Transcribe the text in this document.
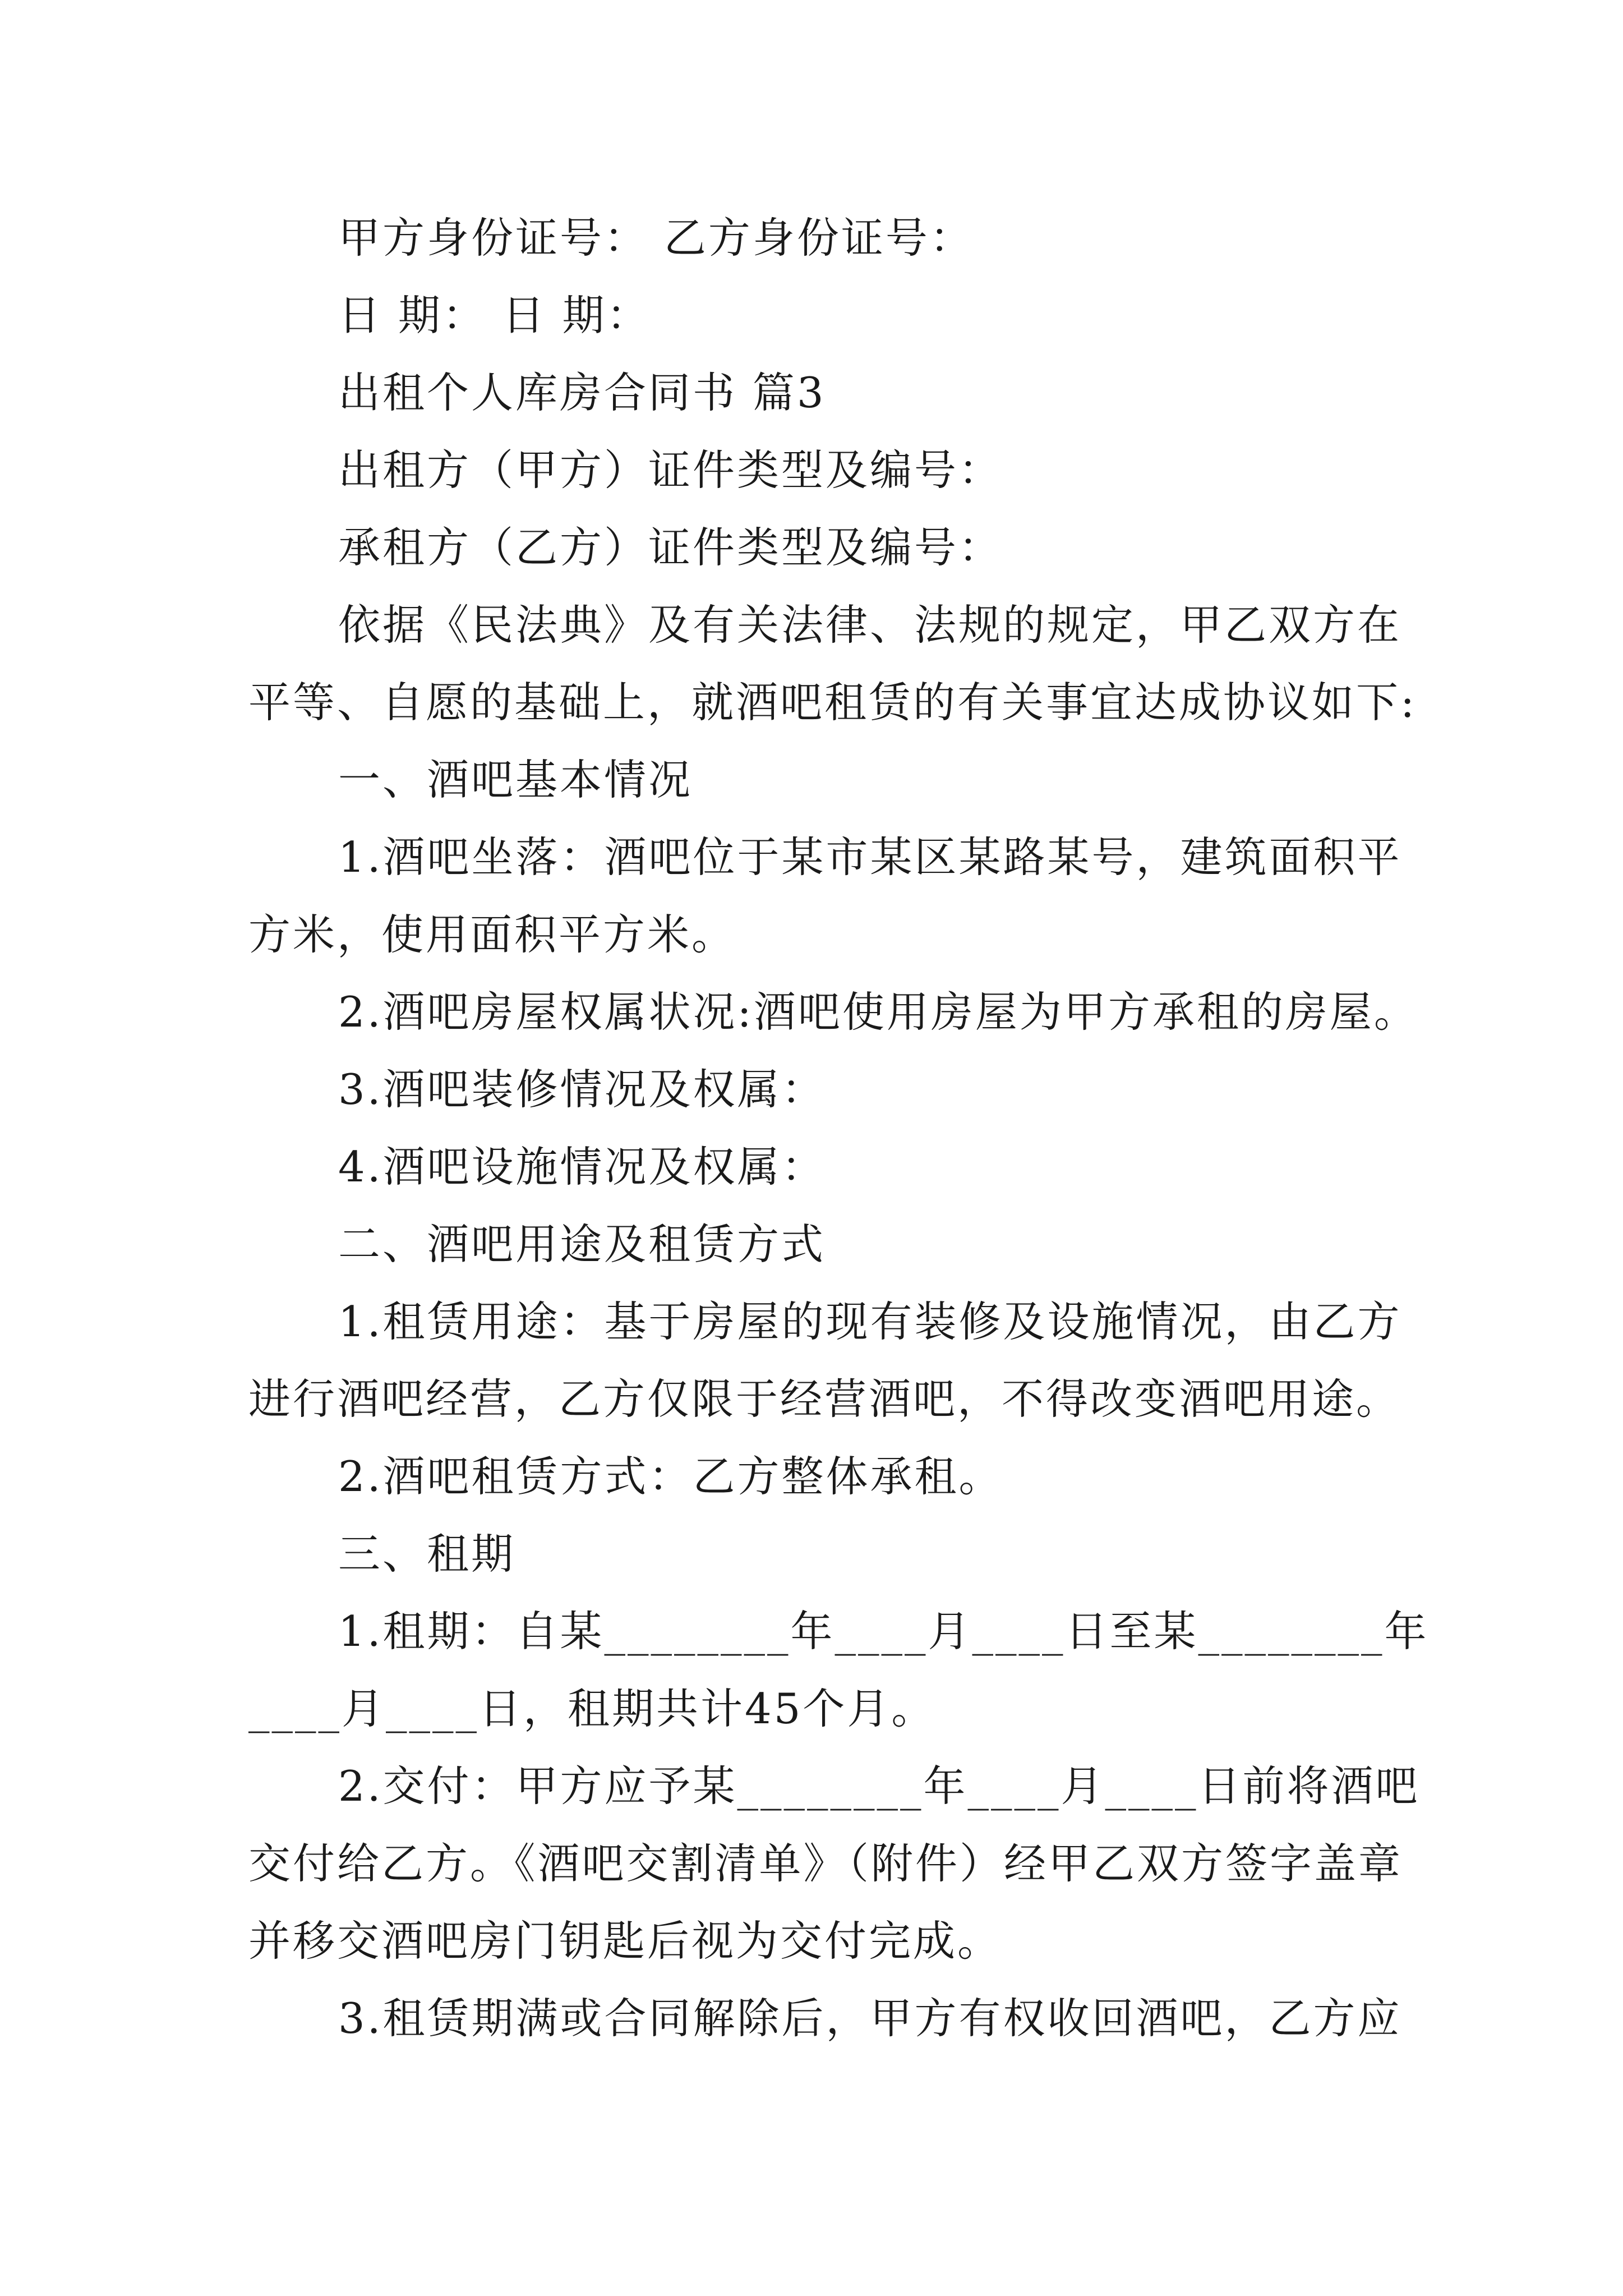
甲方身份证号： 乙方身份证号：
日 期： 日 期：
出租个人库房合同书 篇3
出租方（甲方）证件类型及编号：
承租方（乙方）证件类型及编号：
依据《民法典》及有关法律、法规的规定，甲乙双方在
平等、自愿的基础上，就酒吧租赁的有关事宜达成协议如下:
一、酒吧基本情况
1.酒吧坐落：酒吧位于某市某区某路某号，建筑面积平
方米，使用面积平方米。
2.酒吧房屋权属状况:酒吧使用房屋为甲方承租的房屋。
3.酒吧装修情况及权属：
4.酒吧设施情况及权属：
二、酒吧用途及租赁方式
1.租赁用途：基于房屋的现有装修及设施情况，由乙方
进行酒吧经营，乙方仅限于经营酒吧，不得改变酒吧用途。
2.酒吧租赁方式：乙方整体承租。
三、租期
1.租期：自某________年____月____日至某________年
____月____日，租期共计45个月。
2.交付：甲方应予某________年____月____日前将酒吧
交付给乙方。《酒吧交割清单》（附件）经甲乙双方签字盖章
并移交酒吧房门钥匙后视为交付完成。
3.租赁期满或合同解除后，甲方有权收回酒吧，乙方应
